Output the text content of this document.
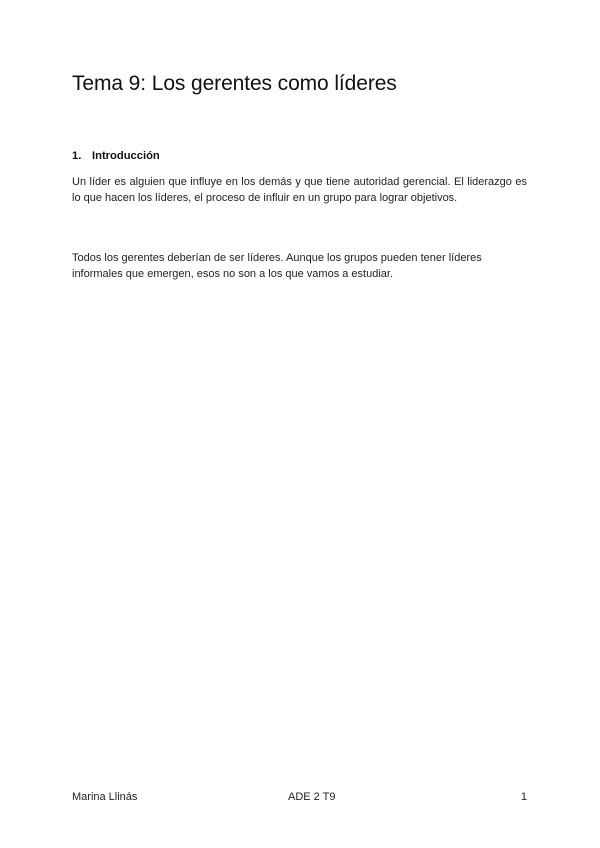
Tema 9: Los gerentes como líderes
1. Introducción

Un líder es alguien que influye en los demás y que tiene autoridad gerencial. El liderazgo es lo que hacen los líderes, el proceso de influir en un grupo para lograr objetivos.

Todos los gerentes deberían de ser líderes. Aunque los grupos pueden tener líderes informales que emergen, esos no son a los que vamos a estudiar.

Marina Llinás	ADE 2 T9	1
